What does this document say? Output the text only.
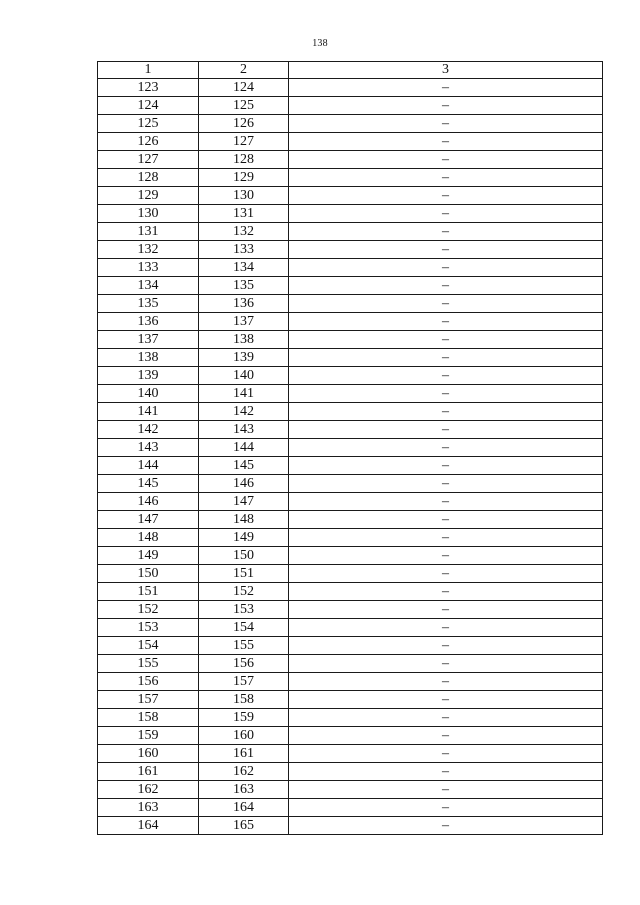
138
1	2	3
123	124	–
124	125	–
125	126	–
126	127	–
127	128	–
128	129	–
129	130	–
130	131	–
131	132	–
132	133	–
133	134	–
134	135	–
135	136	–
136	137	–
137	138	–
138	139	–
139	140	–
140	141	–
141	142	–
142	143	–
143	144	–
144	145	–
145	146	–
146	147	–
147	148	–
148	149	–
149	150	–
150	151	–
151	152	–
152	153	–
153	154	–
154	155	–
155	156	–
156	157	–
157	158	–
158	159	–
159	160	–
160	161	–
161	162	–
162	163	–
163	164	–
164	165	–
